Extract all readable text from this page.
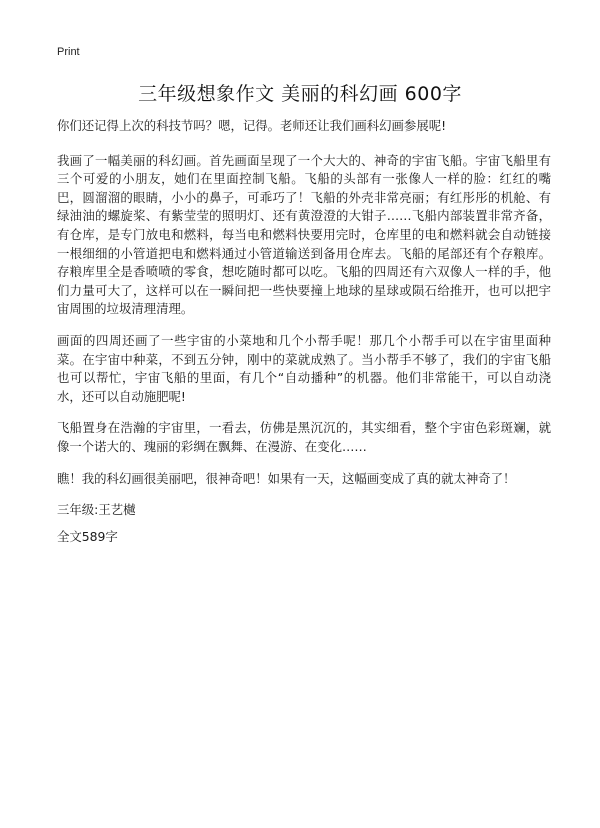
Print
三年级想象作文 美丽的科幻画 600字

你们还记得上次的科技节吗？嗯，记得。老师还让我们画科幻画参展呢!

我画了一幅美丽的科幻画。首先画面呈现了一个大大的、神奇的宇宙飞船。宇宙飞船里有三个可爱的小朋友，她们在里面控制飞船。飞船的头部有一张像人一样的脸：红红的嘴巴，圆溜溜的眼睛，小小的鼻子，可乖巧了！飞船的外壳非常亮丽；有红彤彤的机舱、有绿油油的螺旋桨、有紫莹莹的照明灯、还有黄澄澄的大钳子……飞船内部装置非常齐备，有仓库，是专门放电和燃料，每当电和燃料快要用完时，仓库里的电和燃料就会自动链接一根细细的小管道把电和燃料通过小管道输送到备用仓库去。飞船的尾部还有个存粮库。存粮库里全是香喷喷的零食，想吃随时都可以吃。飞船的四周还有六双像人一样的手，他们力量可大了，这样可以在一瞬间把一些快要撞上地球的星球或陨石给推开，也可以把宇宙周围的垃圾清理清理。

画面的四周还画了一些宇宙的小菜地和几个小帮手呢！那几个小帮手可以在宇宙里面种菜。在宇宙中种菜，不到五分钟，刚中的菜就成熟了。当小帮手不够了，我们的宇宙飞船也可以帮忙，宇宙飞船的里面，有几个“自动播种”的机器。他们非常能干，可以自动浇水，还可以自动施肥呢!

飞船置身在浩瀚的宇宙里，一看去，仿佛是黑沉沉的，其实细看，整个宇宙色彩斑斓，就像一个诺大的、瑰丽的彩绸在飘舞、在漫游、在变化……

瞧！我的科幻画很美丽吧，很神奇吧！如果有一天，这幅画变成了真的就太神奇了！

三年级:王艺樾

全文589字
